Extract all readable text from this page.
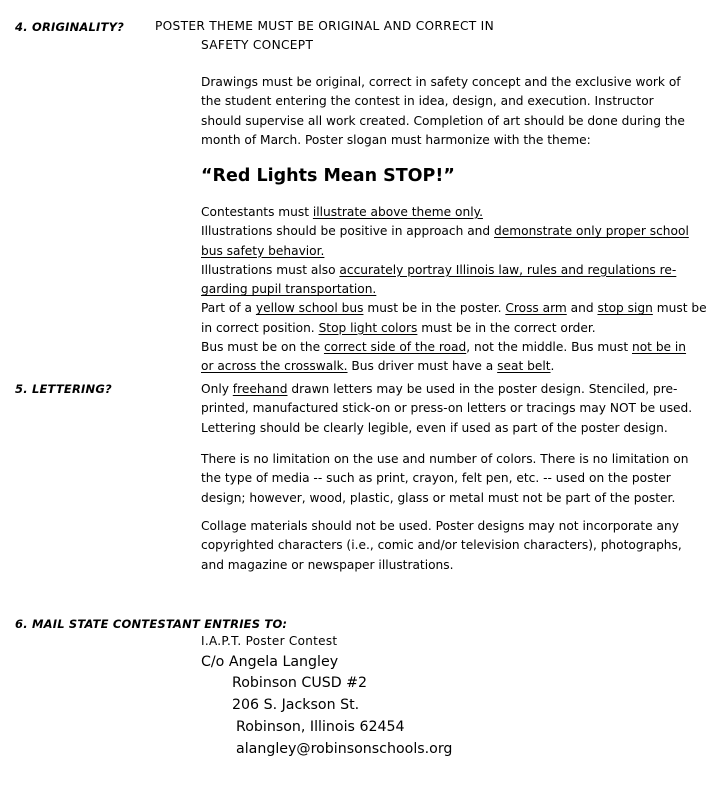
4. ORIGINALITY?	POSTER THEME MUST BE ORIGINAL AND CORRECT IN
SAFETY CONCEPT
Drawings must be original, correct in safety concept and the exclusive work of
the student entering the contest in idea, design, and execution. Instructor
should supervise all work created. Completion of art should be done during the
month of March. Poster slogan must harmonize with the theme:
“Red Lights Mean STOP!”
Contestants must illustrate above theme only.
Illustrations should be positive in approach and demonstrate only proper school
bus safety behavior.
Illustrations must also accurately portray Illinois law, rules and regulations re-
garding pupil transportation.
Part of a yellow school bus must be in the poster. Cross arm and stop sign must be
in correct position. Stop light colors must be in the correct order.
Bus must be on the correct side of the road, not the middle. Bus must not be in
or across the crosswalk. Bus driver must have a seat belt.
5. LETTERING?	Only freehand drawn letters may be used in the poster design. Stenciled, pre-
printed, manufactured stick-on or press-on letters or tracings may NOT be used.
Lettering should be clearly legible, even if used as part of the poster design.
There is no limitation on the use and number of colors. There is no limitation on
the type of media -- such as print, crayon, felt pen, etc. -- used on the poster
design; however, wood, plastic, glass or metal must not be part of the poster.
Collage materials should not be used. Poster designs may not incorporate any
copyrighted characters (i.e., comic and/or television characters), photographs,
and magazine or newspaper illustrations.
6. MAIL STATE CONTESTANT ENTRIES TO:
I.A.P.T. Poster Contest
C/o Angela Langley
Robinson CUSD #2
206 S. Jackson St.
Robinson, Illinois 62454
alangley@robinsonschools.org
